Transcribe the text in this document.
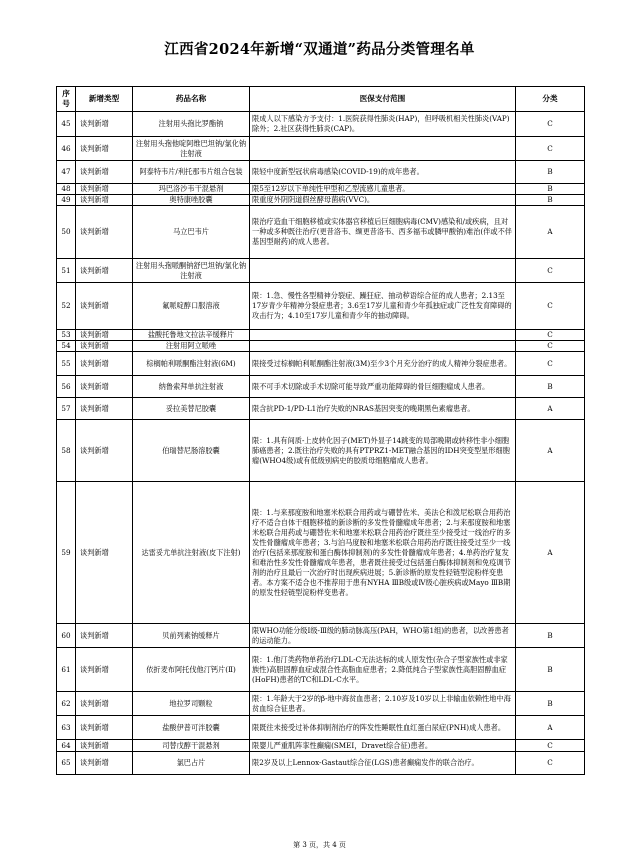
江西省2024年新增“双通道”药品分类管理名单
序号	新增类型	药品名称	医保支付范围	分类
45	谈判新增	注射用头孢比罗酯钠	限成人以下感染方予支付：1.医院获得性肺炎(HAP)，但呼吸机相关性肺炎(VAP)除外；2.社区获得性肺炎(CAP)。	C
46	谈判新增	注射用头孢他啶阿维巴坦钠/氯化钠注射液		C
47	谈判新增	阿泰特韦片/利托那韦片组合包装	限轻中度新型冠状病毒感染(COVID-19)的成年患者。	B
48	谈判新增	玛巴洛沙韦干混悬剂	限5至12岁以下单纯性甲型和乙型流感儿童患者。	B
49	谈判新增	奥特康唑胶囊	限重度外阴阴道假丝酵母菌病(VVC)。	B
50	谈判新增	马立巴韦片	限治疗造血干细胞移植或实体器官移植后巨细胞病毒(CMV)感染和/或疾病，且对一种或多种既往治疗(更昔洛韦、缬更昔洛韦、西多福韦或膦甲酸钠)难治(伴或不伴基因型耐药)的成人患者。	A
51	谈判新增	注射用头孢哌酮钠舒巴坦钠/氯化钠注射液		C
52	谈判新增	氟哌啶醇口服溶液	限：1.急、慢性各型精神分裂症、躁狂症、抽动秽语综合征的成人患者；2.13至17岁青少年精神分裂症患者；3.6至17岁儿童和青少年孤独症或广泛性发育障碍的攻击行为；4.10至17岁儿童和青少年的抽动障碍。	C
53	谈判新增	盐酸托鲁地文拉法辛缓释片		C
54	谈判新增	注射用阿立哌唑		C
55	谈判新增	棕榈帕利哌酮酯注射液(6M)	限接受过棕榈帕利哌酮酯注射液(3M)至少3个月充分治疗的成人精神分裂症患者。	C
56	谈判新增	纳鲁索拜单抗注射液	限不可手术切除或手术切除可能导致严重功能障碍的骨巨细胞瘤成人患者。	B
57	谈判新增	妥拉美替尼胶囊	限含抗PD-1/PD-L1治疗失败的NRAS基因突变的晚期黑色素瘤患者。	A
58	谈判新增	伯瑞替尼肠溶胶囊	限：1.具有间质-上皮转化因子(MET)外显子14跳变的局部晚期或转移性非小细胞肺癌患者；2.既往治疗失败的具有PTPRZ1-MET融合基因的IDH突变型星形细胞瘤(WHO4级)或有低级别病史的胶质母细胞瘤成人患者。	A
59	谈判新增	达雷妥尤单抗注射液(皮下注射)	限：1.与来那度胺和地塞米松联合用药或与硼替佐米、美法仑和泼尼松联合用药治疗不适合自体干细胞移植的新诊断的多发性骨髓瘤成年患者；2.与来那度胺和地塞米松联合用药或与硼替佐米和地塞米松联合用药治疗既往至少接受过一线治疗的多发性骨髓瘤成年患者；3.与泊马度胺和地塞米松联合用药治疗既往接受过至少一线治疗(包括来那度胺和蛋白酶体抑制剂)的多发性骨髓瘤成年患者；4.单药治疗复发和难治性多发性骨髓瘤成年患者，患者既往接受过包括蛋白酶体抑制剂和免疫调节剂的治疗且最后一次治疗时出现疾病进展；5.新诊断的原发性轻链型淀粉样变患者。本方案不适合也不推荐用于患有NYHA ⅢB级或Ⅳ级心脏疾病或Mayo ⅢB期的原发性轻链型淀粉样变患者。	A
60	谈判新增	贝前列素钠缓释片	限WHO功能分级Ⅰ级-Ⅲ级的肺动脉高压(PAH，WHO第1组)的患者，以改善患者的运动能力。	B
61	谈判新增	依折麦布阿托伐他汀钙片(Ⅱ)	限：1.他汀类药物单药治疗LDL-C无法达标的成人原发性(杂合子型家族性或非家族性)高胆固醇血症或混合性高脂血症患者；2.降低纯合子型家族性高胆固醇血症(HoFH)患者的TC和LDL-C水平。	B
62	谈判新增	地拉罗司颗粒	限：1.年龄大于2岁的β-地中海贫血患者；2.10岁及10岁以上非输血依赖性地中海贫血综合征患者。	B
63	谈判新增	盐酸伊普可泮胶囊	限既往未接受过补体抑制剂治疗的阵发性睡眠性血红蛋白尿症(PNH)成人患者。	A
64	谈判新增	司替戊醇干混悬剂	限婴儿严重肌阵挛性癫痫(SMEI，Dravet综合征)患者。	C
65	谈判新增	氯巴占片	限2岁及以上Lennox-Gastaut综合征(LGS)患者癫痫发作的联合治疗。	C
第 3 页，共 4 页
